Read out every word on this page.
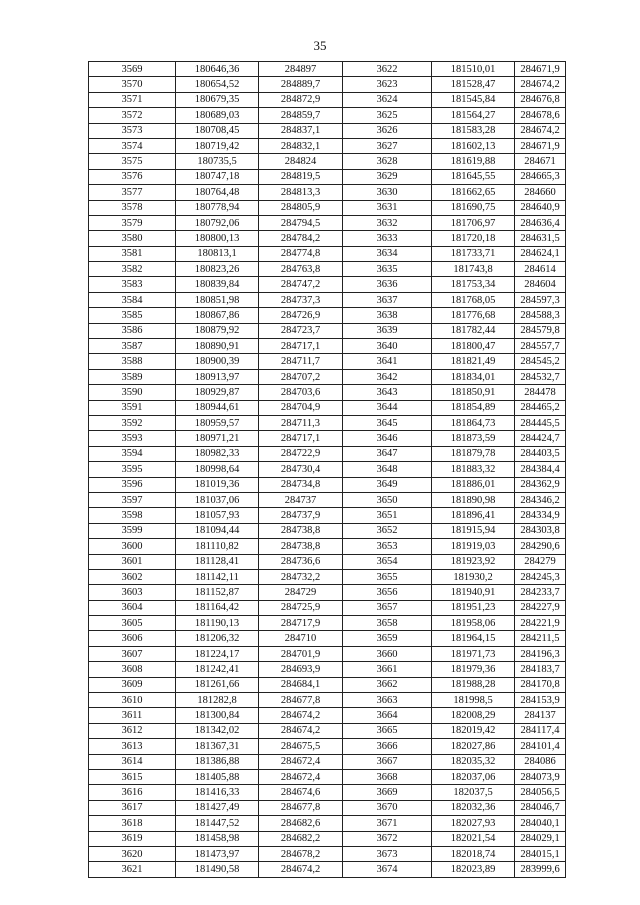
35
3569	180646,36	284897	3622	181510,01	284671,9
3570	180654,52	284889,7	3623	181528,47	284674,2
3571	180679,35	284872,9	3624	181545,84	284676,8
3572	180689,03	284859,7	3625	181564,27	284678,6
3573	180708,45	284837,1	3626	181583,28	284674,2
3574	180719,42	284832,1	3627	181602,13	284671,9
3575	180735,5	284824	3628	181619,88	284671
3576	180747,18	284819,5	3629	181645,55	284665,3
3577	180764,48	284813,3	3630	181662,65	284660
3578	180778,94	284805,9	3631	181690,75	284640,9
3579	180792,06	284794,5	3632	181706,97	284636,4
3580	180800,13	284784,2	3633	181720,18	284631,5
3581	180813,1	284774,8	3634	181733,71	284624,1
3582	180823,26	284763,8	3635	181743,8	284614
3583	180839,84	284747,2	3636	181753,34	284604
3584	180851,98	284737,3	3637	181768,05	284597,3
3585	180867,86	284726,9	3638	181776,68	284588,3
3586	180879,92	284723,7	3639	181782,44	284579,8
3587	180890,91	284717,1	3640	181800,47	284557,7
3588	180900,39	284711,7	3641	181821,49	284545,2
3589	180913,97	284707,2	3642	181834,01	284532,7
3590	180929,87	284703,6	3643	181850,91	284478
3591	180944,61	284704,9	3644	181854,89	284465,2
3592	180959,57	284711,3	3645	181864,73	284445,5
3593	180971,21	284717,1	3646	181873,59	284424,7
3594	180982,33	284722,9	3647	181879,78	284403,5
3595	180998,64	284730,4	3648	181883,32	284384,4
3596	181019,36	284734,8	3649	181886,01	284362,9
3597	181037,06	284737	3650	181890,98	284346,2
3598	181057,93	284737,9	3651	181896,41	284334,9
3599	181094,44	284738,8	3652	181915,94	284303,8
3600	181110,82	284738,8	3653	181919,03	284290,6
3601	181128,41	284736,6	3654	181923,92	284279
3602	181142,11	284732,2	3655	181930,2	284245,3
3603	181152,87	284729	3656	181940,91	284233,7
3604	181164,42	284725,9	3657	181951,23	284227,9
3605	181190,13	284717,9	3658	181958,06	284221,9
3606	181206,32	284710	3659	181964,15	284211,5
3607	181224,17	284701,9	3660	181971,73	284196,3
3608	181242,41	284693,9	3661	181979,36	284183,7
3609	181261,66	284684,1	3662	181988,28	284170,8
3610	181282,8	284677,8	3663	181998,5	284153,9
3611	181300,84	284674,2	3664	182008,29	284137
3612	181342,02	284674,2	3665	182019,42	284117,4
3613	181367,31	284675,5	3666	182027,86	284101,4
3614	181386,88	284672,4	3667	182035,32	284086
3615	181405,88	284672,4	3668	182037,06	284073,9
3616	181416,33	284674,6	3669	182037,5	284056,5
3617	181427,49	284677,8	3670	182032,36	284046,7
3618	181447,52	284682,6	3671	182027,93	284040,1
3619	181458,98	284682,2	3672	182021,54	284029,1
3620	181473,97	284678,2	3673	182018,74	284015,1
3621	181490,58	284674,2	3674	182023,89	283999,6
